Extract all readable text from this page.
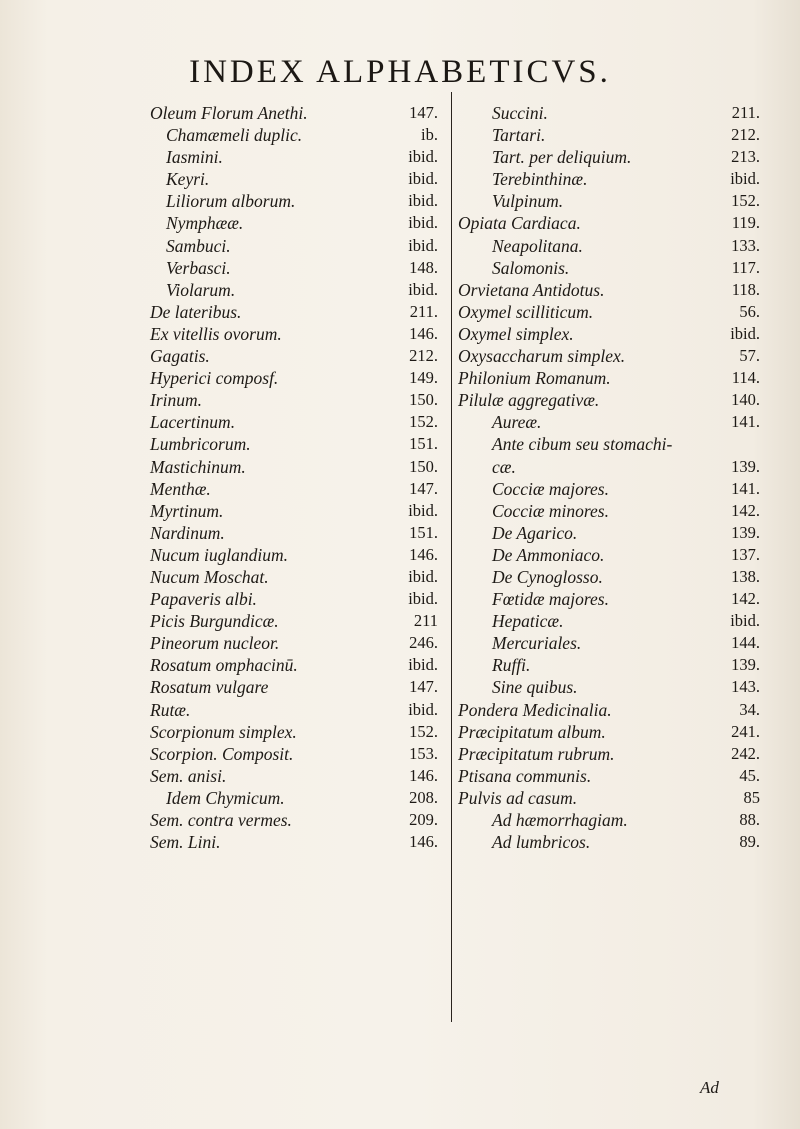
INDEX ALPHABETICVS.
Oleum Florum Anethi.	147.
Chamæmeli duplic.	ib.
Iasmini.	ibid.
Keyri.	ibid.
Liliorum alborum.	ibid.
Nymphææ.	ibid.
Sambuci.	ibid.
Verbasci.	148.
Violarum.	ibid.
De lateribus.	211.
Ex vitellis ovorum.	146.
Gagatis.	212.
Hyperici composf.	149.
Irinum.	150.
Lacertinum.	152.
Lumbricorum.	151.
Mastichinum.	150.
Menthæ.	147.
Myrtinum.	ibid.
Nardinum.	151.
Nucum iuglandium.	146.
Nucum Moschat.	ibid.
Papaveris albi.	ibid.
Picis Burgundicæ.	211
Pineorum nucleor.	246.
Rosatum omphacinū.	ibid.
Rosatum vulgare	147.
Rutæ.	ibid.
Scorpionum simplex.	152.
Scorpion. Composit.	153.
Sem. anisi.	146.
Idem Chymicum.	208.
Sem. contra vermes.	209.
Sem. Lini.	146.
Succini.	211.
Tartari.	212.
Tart. per deliquium.	213.
Terebinthinæ.	ibid.
Vulpinum.	152.
Opiata Cardiaca.	119.
Neapolitana.	133.
Salomonis.	117.
Orvietana Antidotus.	118.
Oxymel scilliticum.	56.
Oxymel simplex.	ibid.
Oxysaccharum simplex.	57.
Philonium Romanum.	114.
Pilulæ aggregativæ.	140.
Aureæ.	141.
Ante cibum seu stomachi-
cæ.	139.
Cocciæ majores.	141.
Cocciæ minores.	142.
De Agarico.	139.
De Ammoniaco.	137.
De Cynoglosso.	138.
Fœtidæ majores.	142.
Hepaticæ.	ibid.
Mercuriales.	144.
Ruffi.	139.
Sine quibus.	143.
Pondera Medicinalia.	34.
Præcipitatum album.	241.
Præcipitatum rubrum.	242.
Ptisana communis.	45.
Pulvis ad casum.	85
Ad hæmorrhagiam.	88.
Ad lumbricos.	89.
Ad
